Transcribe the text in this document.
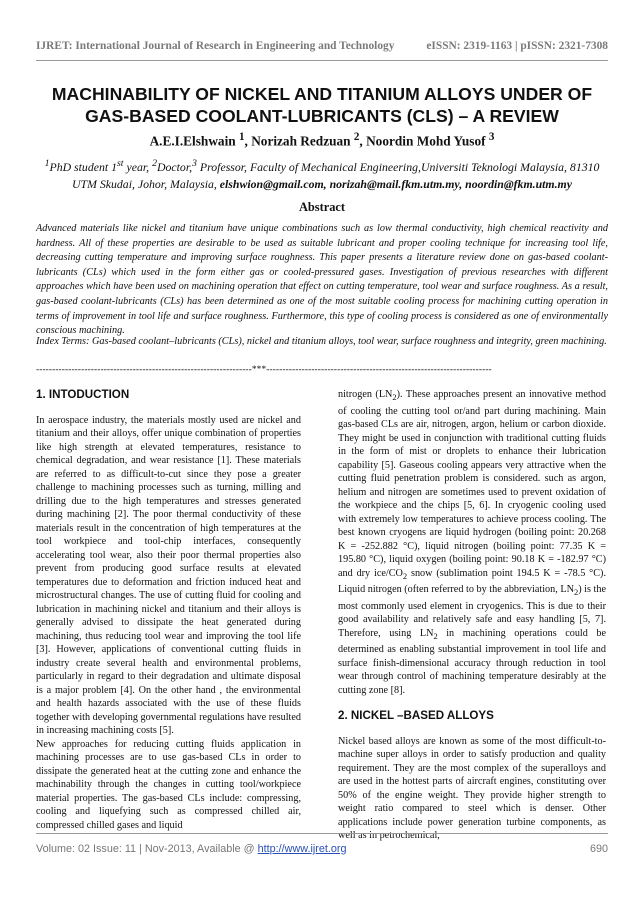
IJRET: International Journal of Research in Engineering and Technology	eISSN: 2319-1163 | pISSN: 2321-7308
MACHINABILITY OF NICKEL AND TITANIUM ALLOYS UNDER OF GAS-BASED COOLANT-LUBRICANTS (CLS) – A REVIEW
A.E.I.Elshwain $^1$, Norizah Redzuan $^2$, Noordin Mohd Yusof $^3$
$^1$PhD student 1st year, $^2$Doctor,$^3$ Professor, Faculty of Mechanical Engineering,Universiti Teknologi Malaysia, 81310 UTM Skudai, Johor, Malaysia, elshwion@gmail.com, norizah@mail.fkm.utm.my, noordin@fkm.utm.my
Abstract
Advanced materials like nickel and titanium have unique combinations such as low thermal conductivity, high chemical reactivity and hardness. All of these properties are desirable to be used as suitable lubricant and proper cooling technique for increasing tool life, decreasing cutting temperature and improving surface roughness. This paper presents a literature review done on gas-based coolant-lubricants (CLs) which used in the form either gas or cooled-pressured gases. Investigation of previous researches with different approaches which have been used on machining operation that effect on cutting temperature, tool wear and surface roughness. As a result, gas-based coolant-lubricants (CLs) has been determined as one of the most suitable cooling process for machining cutting operation in terms of improvement in tool life and surface roughness. Furthermore, this type of cooling process is considered as one of environmentally conscious machining.
Index Terms: Gas-based coolant–lubricants (CLs), nickel and titanium alloys, tool wear, surface roughness and integrity, green machining.
-------------------------------------------------------------------***----------------------------------------------------------------------
1. INTODUCTION

In aerospace industry, the materials mostly used are nickel and titanium and their alloys, offer unique combination of properties like high strength at elevated temperatures, resistance to chemical degradation, and wear resistance [1]. These materials are referred to as difficult-to-cut since they pose a greater challenge to machining processes such as turning, milling and drilling due to the high temperatures and stresses generated during machining [2]. The poor thermal conductivity of these materials result in the concentration of high temperatures at the tool workpiece and tool-chip interfaces, consequently accelerating tool wear, also their poor thermal properties also prevent from producing good surface results at elevated temperatures due to deformation and friction induced heat and microstructural changes. The use of cutting fluid for cooling and lubrication in machining nickel and titanium and their alloys is generally advised to dissipate the heat generated during machining, thus reducing tool wear and improving the tool life [3]. However, applications of conventional cutting fluids in industry create several health and environmental problems, particularly in regard to their degradation and ultimate disposal is a major problem [4]. On the other hand , the environmental and health hazards associated with the use of these fluids together with developing governmental regulations have resulted in increasing machining costs [5].

New approaches for reducing cutting fluids application in machining processes are to use gas-based CLs in order to dissipate the generated heat at the cutting zone and enhance the machinability through the changes in cutting tool/workpiece material properties. The gas-based CLs include: compressing, cooling and liquefying such as compressed chilled air, compressed chilled gases and liquid

nitrogen $(LN_2)$. These approaches present an innovative method of cooling the cutting tool or/and part during machining. Main gas-based CLs are air, nitrogen, argon, helium or carbon dioxide. They might be used in conjunction with traditional cutting fluids in the form of mist or droplets to enhance their lubrication capability [5]. Gaseous cooling appears very attractive when the cutting fluid penetration problem is considered. such as argon, helium and nitrogen are sometimes used to prevent oxidation of the workpiece and the chips [5, 6]. In cryogenic cooling used with extremely low temperatures to achieve process cooling. The best known cryogens are liquid hydrogen (boiling point: 20.268 K = -252.882 °C), liquid nitrogen (boiling point: 77.35 K = 195.80 °C), liquid oxygen (boiling point: 90.18 K = -182.97 °C) and dry ice/$CO_2$ snow (sublimation point 194.5 K = -78.5 °C). Liquid nitrogen (often referred to by the abbreviation, $LN_2$) is the most commonly used element in cryogenics. This is due to their good availability and relatively safe and easy handling [5, 7]. Therefore, using $LN_2$ in machining operations could be determined as enabling substantial improvement in tool life and surface finish-dimensional accuracy through reduction in tool wear through control of machining temperature desirably at the cutting zone [8].

2. NICKEL –BASED ALLOYS

Nickel based alloys are known as some of the most difficult-to-machine super alloys in order to satisfy production and quality requirement. They are the most complex of the superalloys and are used in the hottest parts of aircraft engines, constituting over 50% of the engine weight. They provide higher strength to weight ratio compared to steel which is denser. Other applications include power generation turbine components, as well as in petrochemical,

Volume: 02 Issue: 11 | Nov-2013, Available @ http://www.ijret.org	690
